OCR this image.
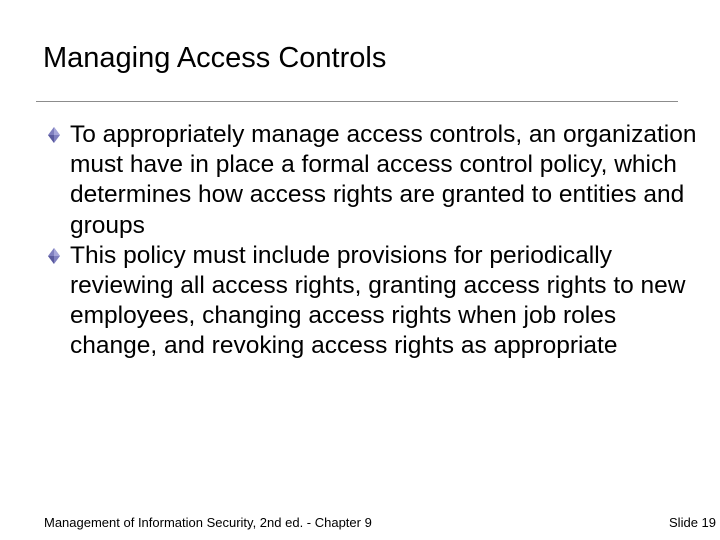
Managing Access Controls
To appropriately manage access controls, an organization must have in place a formal access control policy, which determines how access rights are granted to entities and groups
This policy must include provisions for periodically reviewing all access rights, granting access rights to new employees, changing access rights when job roles change, and revoking access rights as appropriate
Management of Information Security, 2nd ed. - Chapter 9	Slide 19
